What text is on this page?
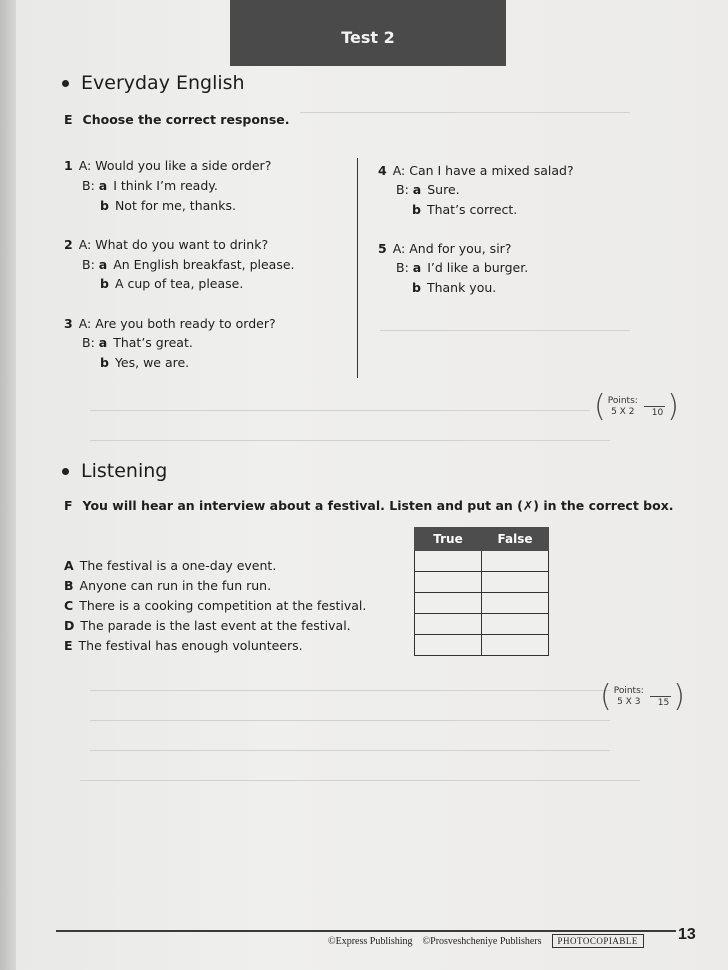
Test 2
Everyday English
E Choose the correct response.
1 A: Would you like a side order?
B: a I think I’m ready.
b Not for me, thanks.
2 A: What do you want to drink?
B: a An English breakfast, please.
b A cup of tea, please.
3 A: Are you both ready to order?
B: a That’s great.
b Yes, we are.
4 A: Can I have a mixed salad?
B: a Sure.
b That’s correct.
5 A: And for you, sir?
B: a I’d like a burger.
b Thank you.
( Points:
5 X 2	10 )
Listening
F You will hear an interview about a festival. Listen and put an (✗) in the correct box.
A The festival is a one-day event.
B Anyone can run in the fun run.
C There is a cooking competition at the festival.
D The parade is the last event at the festival.
E The festival has enough volunteers.
True	False

( Points:
5 X 3	15 )
©Express Publishing ©Prosveshcheniye Publishers	PHOTOCOPIABLE	13
